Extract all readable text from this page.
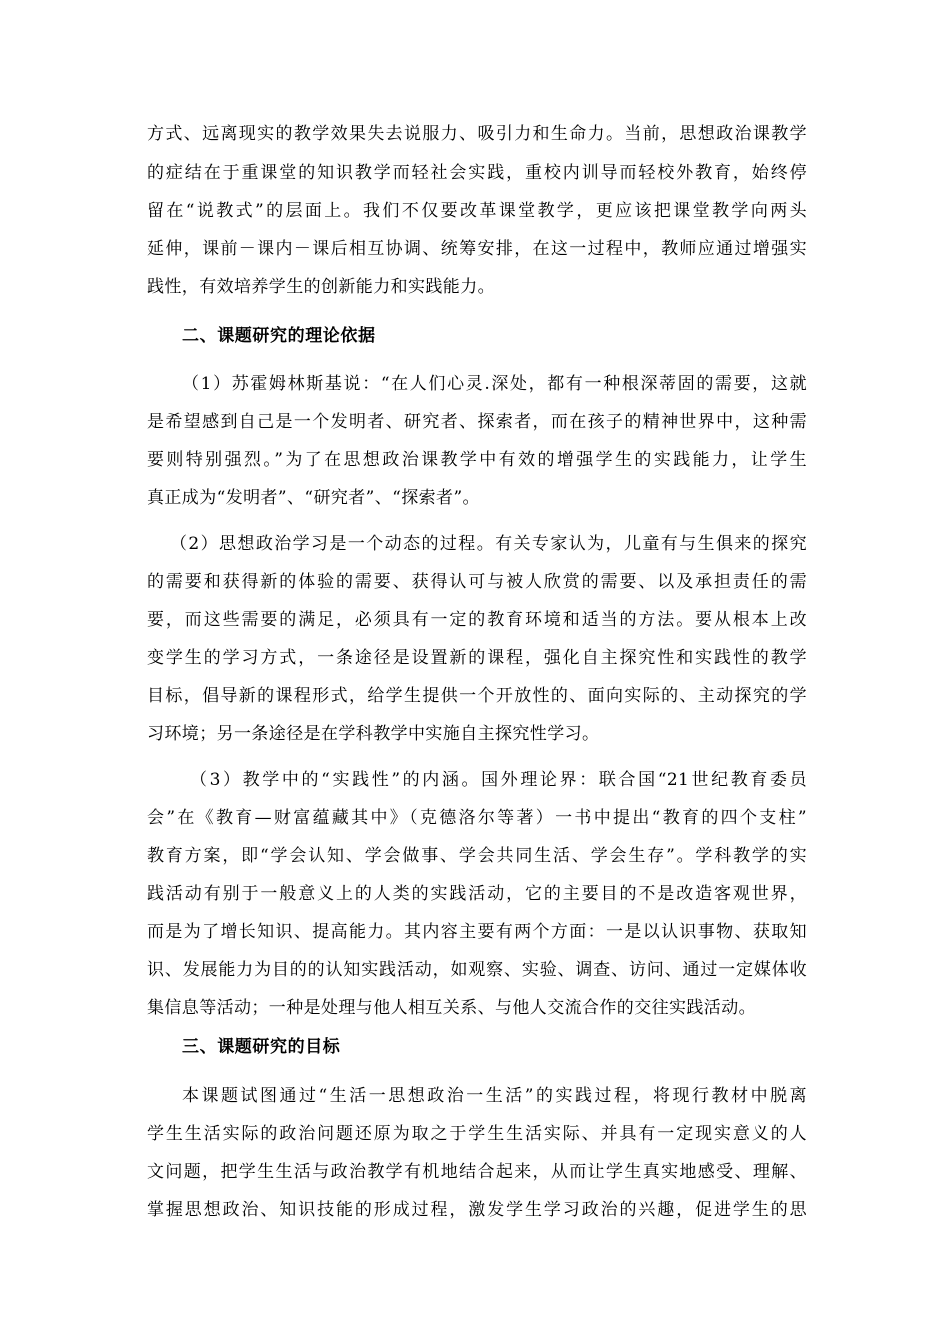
方式、远离现实的教学效果失去说服力、吸引力和生命力。当前，思想政治课教学

的症结在于重课堂的知识教学而轻社会实践，重校内训导而轻校外教育，始终停

留在“说教式”的层面上。我们不仅要改革课堂教学，更应该把课堂教学向两头

延伸，课前－课内－课后相互协调、统筹安排，在这一过程中，教师应通过增强实

践性，有效培养学生的创新能力和实践能力。

二、课题研究的理论依据

（1）苏霍姆林斯基说：“在人们心灵.深处，都有一种根深蒂固的需要，这就

是希望感到自己是一个发明者、研究者、探索者，而在孩子的精神世界中，这种需

要则特别强烈。”为了在思想政治课教学中有效的增强学生的实践能力，让学生

真正成为“发明者”、“研究者”、“探索者”。

（2）思想政治学习是一个动态的过程。有关专家认为，儿童有与生俱来的探究

的需要和获得新的体验的需要、获得认可与被人欣赏的需要、以及承担责任的需

要，而这些需要的满足，必须具有一定的教育环境和适当的方法。要从根本上改

变学生的学习方式，一条途径是设置新的课程，强化自主探究性和实践性的教学

目标，倡导新的课程形式，给学生提供一个开放性的、面向实际的、主动探究的学

习环境；另一条途径是在学科教学中实施自主探究性学习。

（3）教学中的“实践性”的内涵。国外理论界：联合国“21世纪教育委员

会”在《教育—财富蕴藏其中》（克德洛尔等著）一书中提出“教育的四个支柱”

教育方案，即“学会认知、学会做事、学会共同生活、学会生存”。学科教学的实

践活动有别于一般意义上的人类的实践活动，它的主要目的不是改造客观世界，

而是为了增长知识、提高能力。其内容主要有两个方面：一是以认识事物、获取知

识、发展能力为目的的认知实践活动，如观察、实验、调查、访问、通过一定媒体收

集信息等活动；一种是处理与他人相互关系、与他人交流合作的交往实践活动。

三、课题研究的目标

本课题试图通过“生活一思想政治一生活”的实践过程，将现行教材中脱离

学生生活实际的政治问题还原为取之于学生生活实际、并具有一定现实意义的人

文问题，把学生生活与政治教学有机地结合起来，从而让学生真实地感受、理解、

掌握思想政治、知识技能的形成过程，激发学生学习政治的兴趣，促进学生的思
